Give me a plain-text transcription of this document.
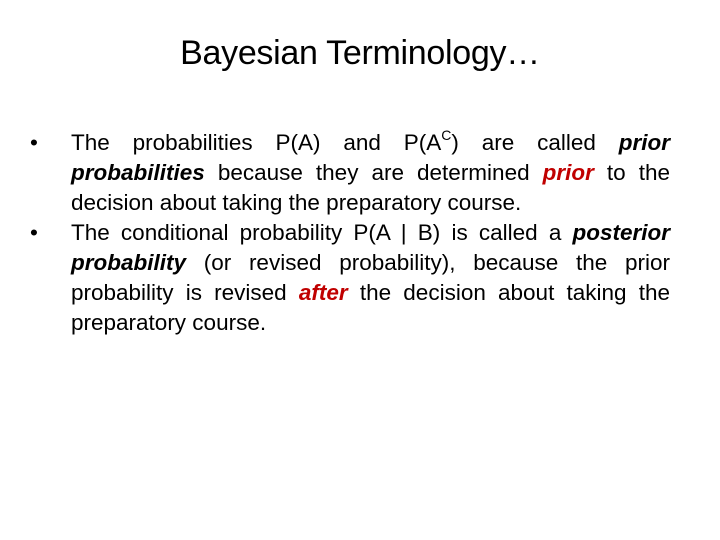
Bayesian Terminology…
•	The probabilities P(A) and $P(A^C)$ are called prior probabilities because they are determined prior to the decision about taking the preparatory course.
•	The conditional probability P(A | B) is called a posterior probability (or revised probability), because the prior probability is revised after the decision about taking the preparatory course.
